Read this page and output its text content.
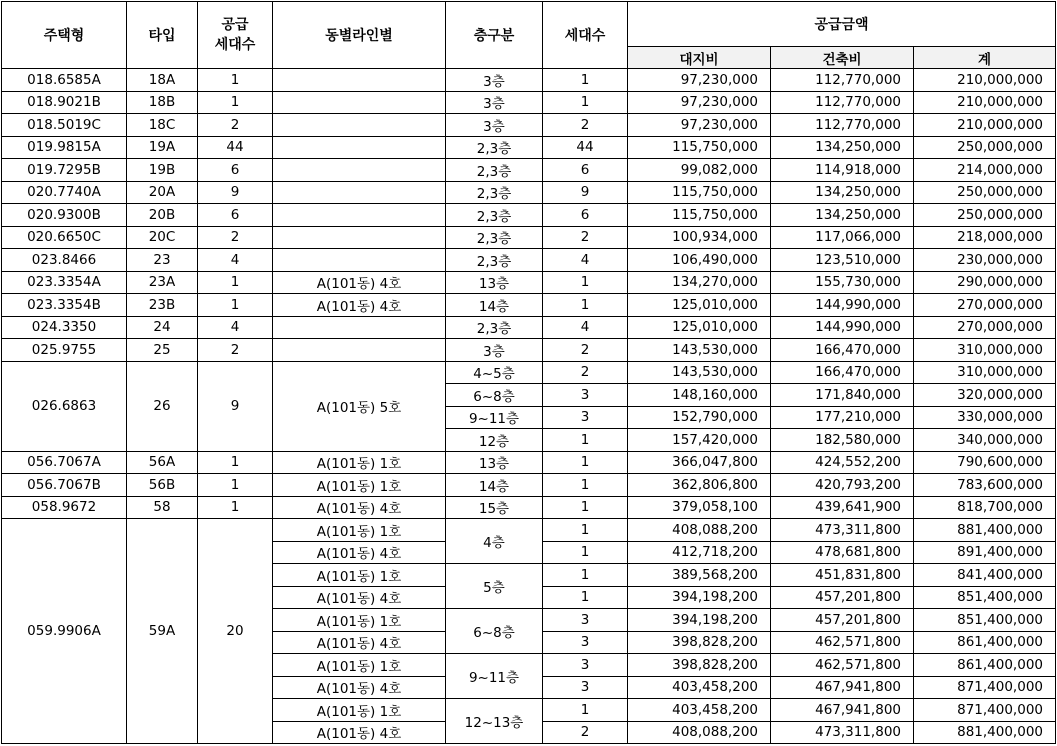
주택형	타입	공급
세대수	동별라인별	층구분	세대수	공급금액		
						대지비	건축비	계
018.6585A	18A	1		3층	1	97,230,000	112,770,000	210,000,000
018.9021B	18B	1		3층	1	97,230,000	112,770,000	210,000,000
018.5019C	18C	2		3층	2	97,230,000	112,770,000	210,000,000
019.9815A	19A	44		2,3층	44	115,750,000	134,250,000	250,000,000
019.7295B	19B	6		2,3층	6	99,082,000	114,918,000	214,000,000
020.7740A	20A	9		2,3층	9	115,750,000	134,250,000	250,000,000
020.9300B	20B	6		2,3층	6	115,750,000	134,250,000	250,000,000
020.6650C	20C	2		2,3층	2	100,934,000	117,066,000	218,000,000
023.8466	23	4		2,3층	4	106,490,000	123,510,000	230,000,000
023.3354A	23A	1	A(101동) 4호	13층	1	134,270,000	155,730,000	290,000,000
023.3354B	23B	1	A(101동) 4호	14층	1	125,010,000	144,990,000	270,000,000
024.3350	24	4		2,3층	4	125,010,000	144,990,000	270,000,000
025.9755	25	2		3층	2	143,530,000	166,470,000	310,000,000
026.6863	26	9	A(101동) 5호	4~5층	2	143,530,000	166,470,000	310,000,000
				6~8층	3	148,160,000	171,840,000	320,000,000
				9~11층	3	152,790,000	177,210,000	330,000,000
				12층	1	157,420,000	182,580,000	340,000,000
056.7067A	56A	1	A(101동) 1호	13층	1	366,047,800	424,552,200	790,600,000
056.7067B	56B	1	A(101동) 1호	14층	1	362,806,800	420,793,200	783,600,000
058.9672	58	1	A(101동) 4호	15층	1	379,058,100	439,641,900	818,700,000
059.9906A	59A	20	A(101동) 1호	4층	1	408,088,200	473,311,800	881,400,000
			A(101동) 4호		1	412,718,200	478,681,800	891,400,000
			A(101동) 1호	5층	1	389,568,200	451,831,800	841,400,000
			A(101동) 4호		1	394,198,200	457,201,800	851,400,000
			A(101동) 1호	6~8층	3	394,198,200	457,201,800	851,400,000
			A(101동) 4호		3	398,828,200	462,571,800	861,400,000
			A(101동) 1호	9~11층	3	398,828,200	462,571,800	861,400,000
			A(101동) 4호		3	403,458,200	467,941,800	871,400,000
			A(101동) 1호	12~13층	1	403,458,200	467,941,800	871,400,000
			A(101동) 4호		2	408,088,200	473,311,800	881,400,000
